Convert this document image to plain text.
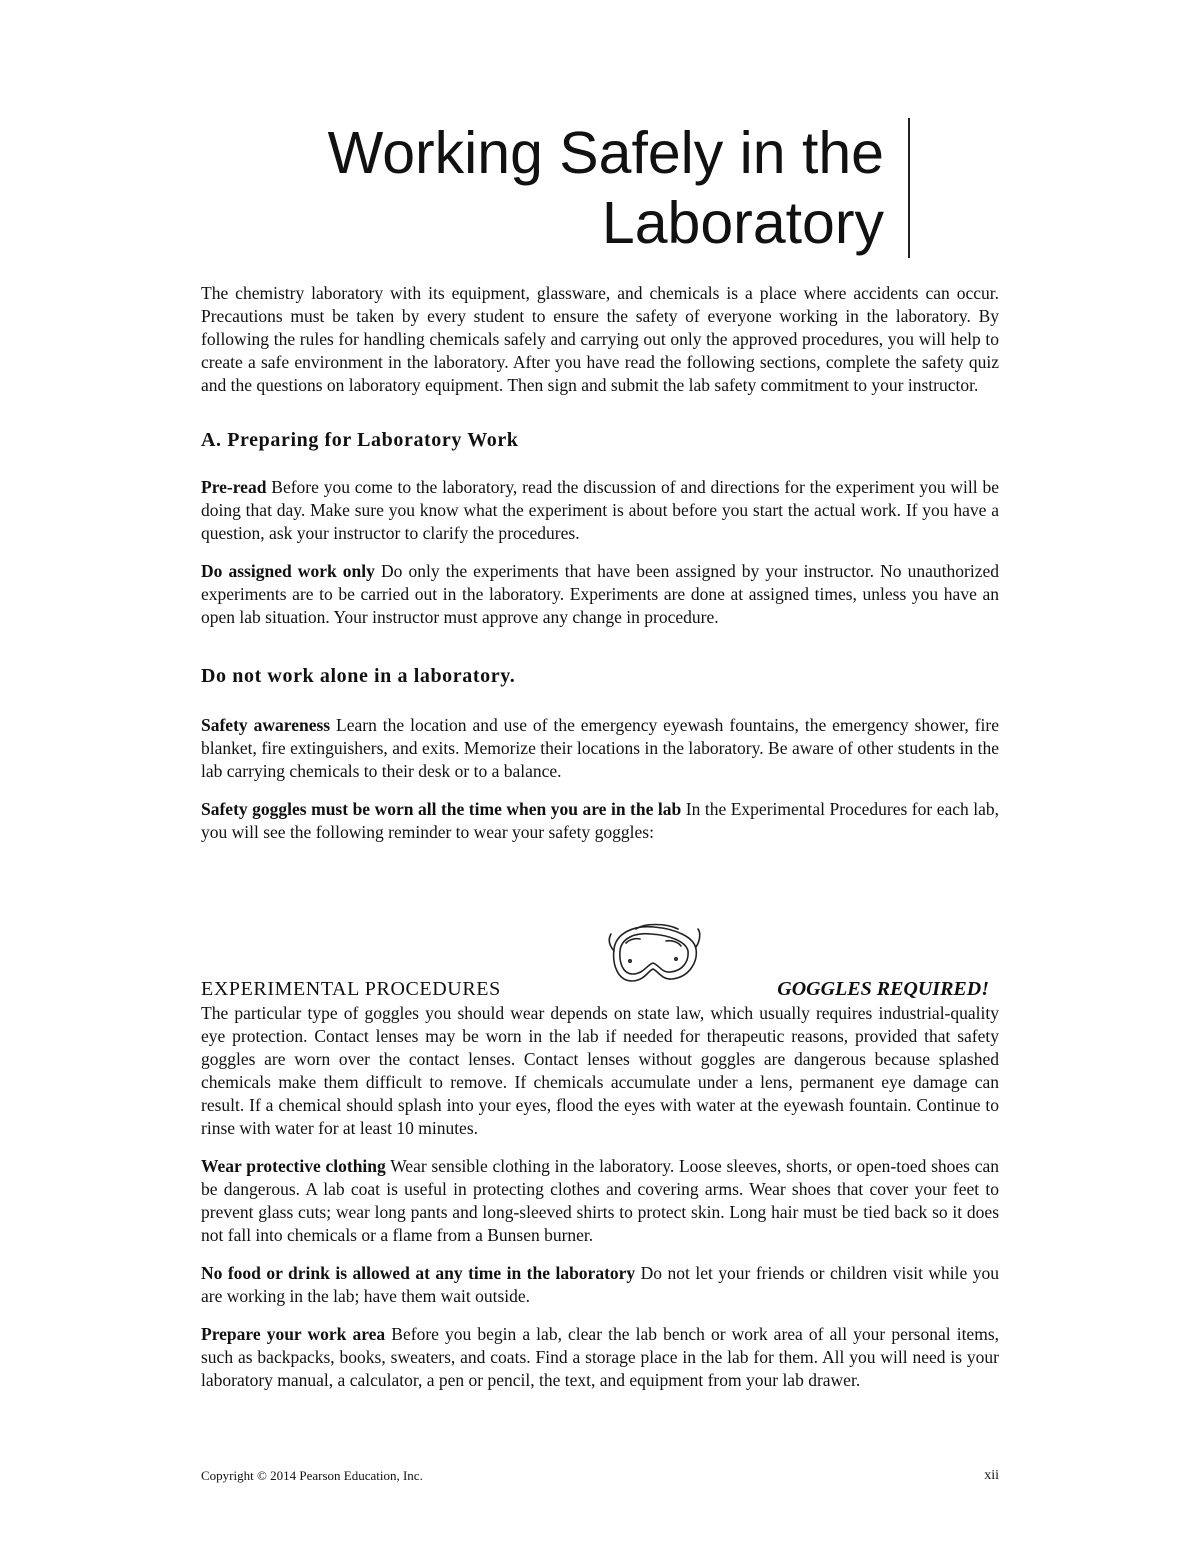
Working Safely in the
Laboratory

The chemistry laboratory with its equipment, glassware, and chemicals is a place where accidents can occur. Precautions must be taken by every student to ensure the safety of everyone working in the laboratory. By following the rules for handling chemicals safely and carrying out only the approved procedures, you will help to create a safe environment in the laboratory. After you have read the following sections, complete the safety quiz and the questions on laboratory equipment. Then sign and submit the lab safety commitment to your instructor.

A. Preparing for Laboratory Work

Pre-read Before you come to the laboratory, read the discussion of and directions for the experiment you will be doing that day. Make sure you know what the experiment is about before you start the actual work. If you have a question, ask your instructor to clarify the procedures.

Do assigned work only Do only the experiments that have been assigned by your instructor. No unauthorized experiments are to be carried out in the laboratory. Experiments are done at assigned times, unless you have an open lab situation. Your instructor must approve any change in procedure.

Do not work alone in a laboratory.

Safety awareness Learn the location and use of the emergency eyewash fountains, the emergency shower, fire blanket, fire extinguishers, and exits. Memorize their locations in the laboratory. Be aware of other students in the lab carrying chemicals to their desk or to a balance.

Safety goggles must be worn all the time when you are in the lab In the Experimental Procedures for each lab, you will see the following reminder to wear your safety goggles:

EXPERIMENTAL PROCEDURES	GOGGLES REQUIRED!

The particular type of goggles you should wear depends on state law, which usually requires industrial-quality eye protection. Contact lenses may be worn in the lab if needed for therapeutic reasons, provided that safety goggles are worn over the contact lenses. Contact lenses without goggles are dangerous because splashed chemicals make them difficult to remove. If chemicals accumulate under a lens, permanent eye damage can result. If a chemical should splash into your eyes, flood the eyes with water at the eyewash fountain. Continue to rinse with water for at least 10 minutes.

Wear protective clothing Wear sensible clothing in the laboratory. Loose sleeves, shorts, or open-toed shoes can be dangerous. A lab coat is useful in protecting clothes and covering arms. Wear shoes that cover your feet to prevent glass cuts; wear long pants and long-sleeved shirts to protect skin. Long hair must be tied back so it does not fall into chemicals or a flame from a Bunsen burner.

No food or drink is allowed at any time in the laboratory Do not let your friends or children visit while you are working in the lab; have them wait outside.

Prepare your work area Before you begin a lab, clear the lab bench or work area of all your personal items, such as backpacks, books, sweaters, and coats. Find a storage place in the lab for them. All you will need is your laboratory manual, a calculator, a pen or pencil, the text, and equipment from your lab drawer.

Copyright © 2014 Pearson Education, Inc.	xii
